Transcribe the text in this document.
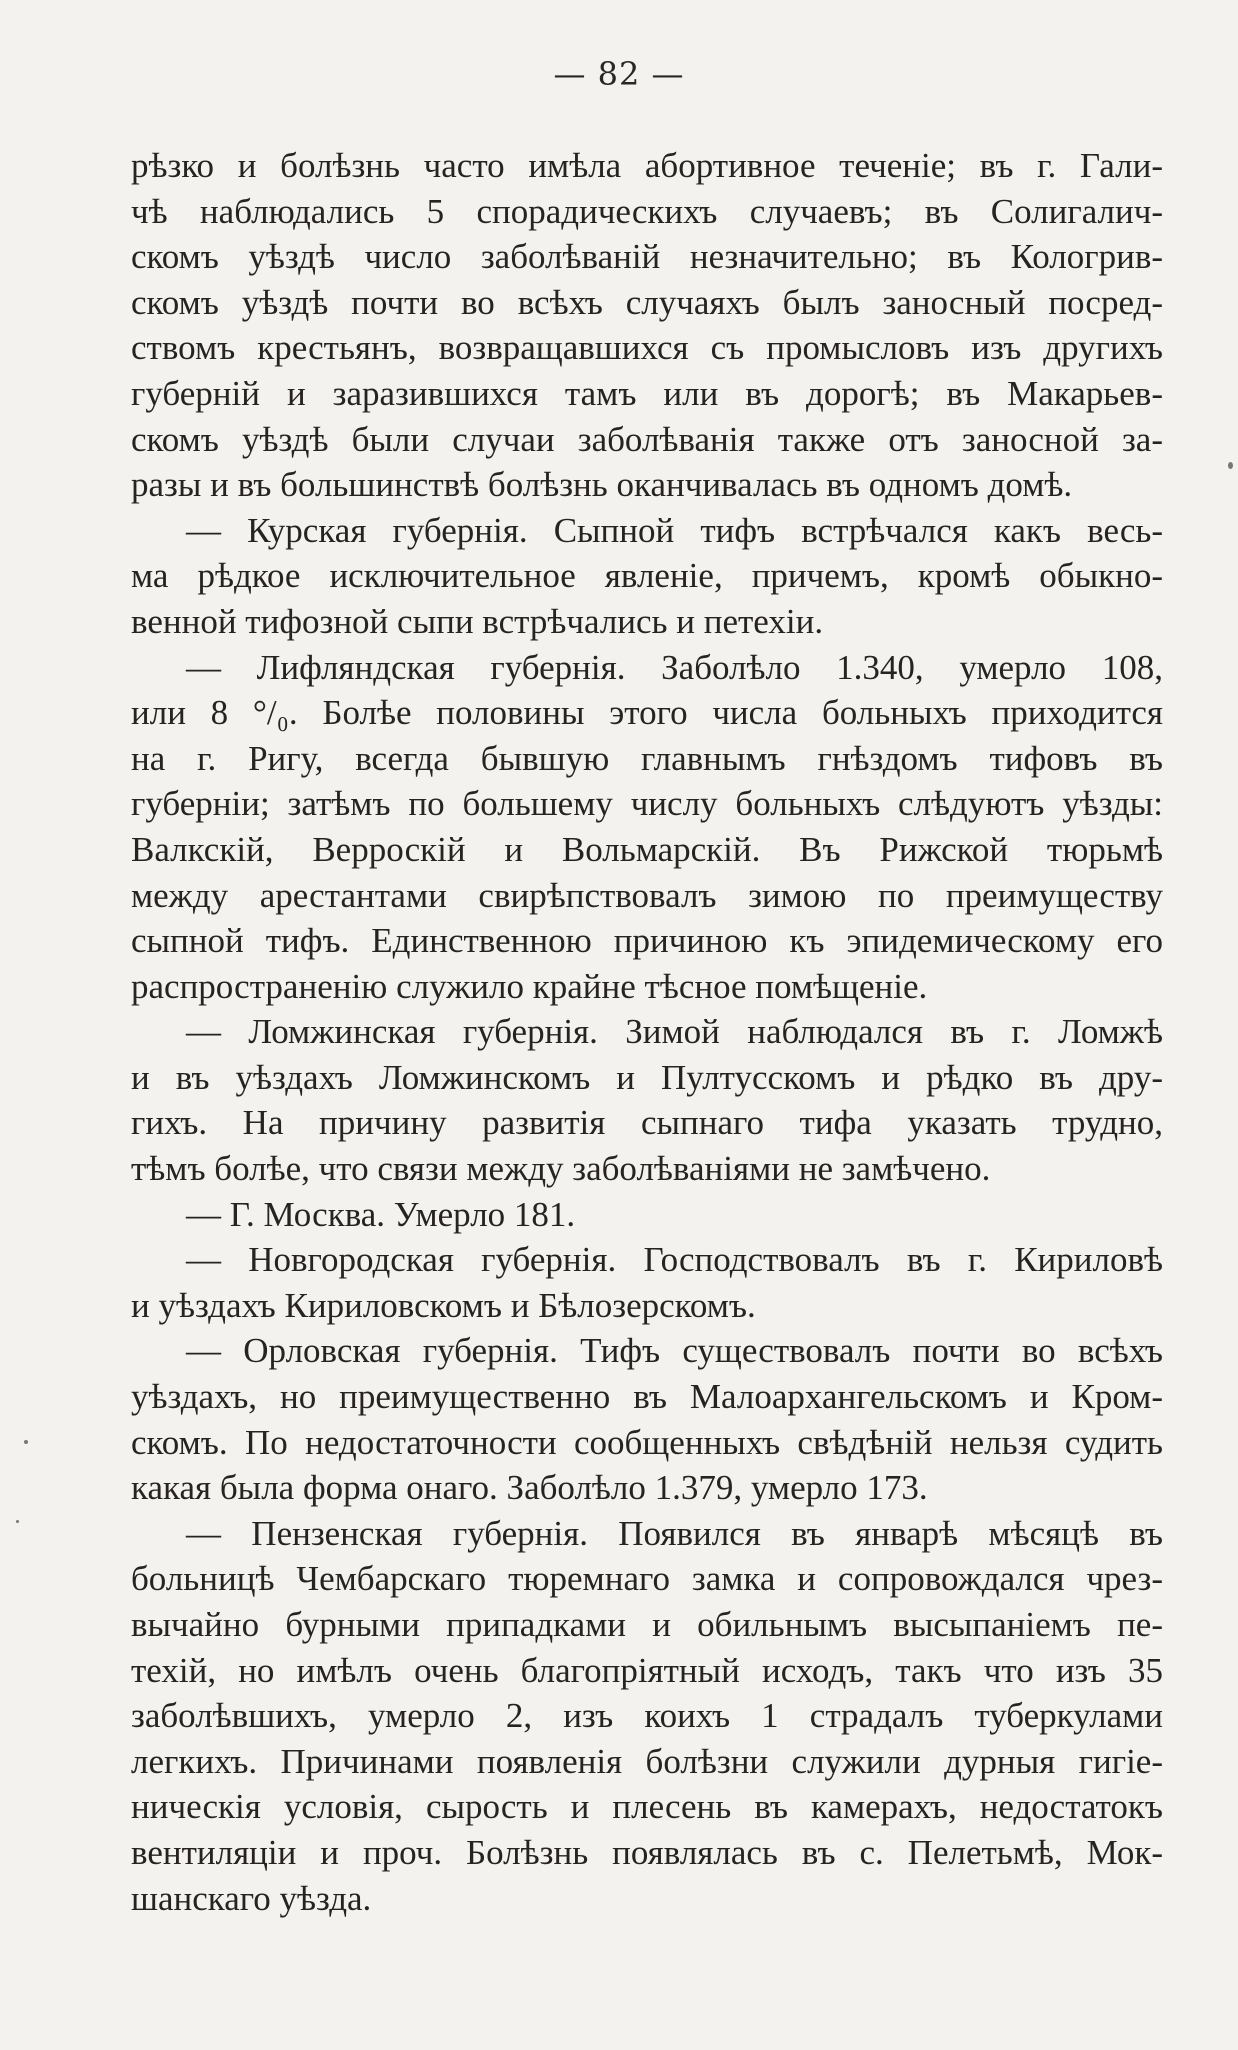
— 82 —
рѣзко и болѣзнь часто имѣла абортивное теченіе; въ г. Гали-
чѣ наблюдались 5 спорадическихъ случаевъ; въ Солигалич-
скомъ уѣздѣ число заболѣваній незначительно; въ Кологрив-
скомъ уѣздѣ почти во всѣхъ случаяхъ былъ заносный посред-
ствомъ крестьянъ, возвращавшихся съ промысловъ изъ другихъ
губерній и заразившихся тамъ или въ дорогѣ; въ Макарьев-
скомъ уѣздѣ были случаи заболѣванія также отъ заносной за-
разы и въ большинствѣ болѣзнь оканчивалась въ одномъ домѣ.
— Курская губернія. Сыпной тифъ встрѣчался какъ весь-
ма рѣдкое исключительное явленіе, причемъ, кромѣ обыкно-
венной тифозной сыпи встрѣчались и петехіи.
— Лифляндская губернія. Заболѣло 1.340, умерло 108,
или 8 °/₀. Болѣе половины этого числа больныхъ приходится
на г. Ригу, всегда бывшую главнымъ гнѣздомъ тифовъ въ
губерніи; затѣмъ по большему числу больныхъ слѣдуютъ уѣзды:
Валкскій, Верроскій и Вольмарскій. Въ Рижской тюрьмѣ
между арестантами свирѣпствовалъ зимою по преимуществу
сыпной тифъ. Единственною причиною къ эпидемическому его
распространенію служило крайне тѣсное помѣщеніе.
— Ломжинская губернія. Зимой наблюдался въ г. Ломжѣ
и въ уѣздахъ Ломжинскомъ и Пултусскомъ и рѣдко въ дру-
гихъ. На причину развитія сыпнаго тифа указать трудно,
тѣмъ болѣе, что связи между заболѣваніями не замѣчено.
— Г. Москва. Умерло 181.
— Новгородская губернія. Господствовалъ въ г. Кириловѣ
и уѣздахъ Кириловскомъ и Бѣлозерскомъ.
— Орловская губернія. Тифъ существовалъ почти во всѣхъ
уѣздахъ, но преимущественно въ Малоархангельскомъ и Кром-
скомъ. По недостаточности сообщенныхъ свѣдѣній нельзя судить
какая была форма онаго. Заболѣло 1.379, умерло 173.
— Пензенская губернія. Появился въ январѣ мѣсяцѣ въ
больницѣ Чембарскаго тюремнаго замка и сопровождался чрез-
вычайно бурными припадками и обильнымъ высыпаніемъ пе-
техій, но имѣлъ очень благопріятный исходъ, такъ что изъ 35
заболѣвшихъ, умерло 2, изъ коихъ 1 страдалъ туберкулами
легкихъ. Причинами появленія болѣзни служили дурныя гигіе-
ническія условія, сырость и плесень въ камерахъ, недостатокъ
вентиляціи и проч. Болѣзнь появлялась въ с. Пелетьмѣ, Мок-
шанскаго уѣзда.
